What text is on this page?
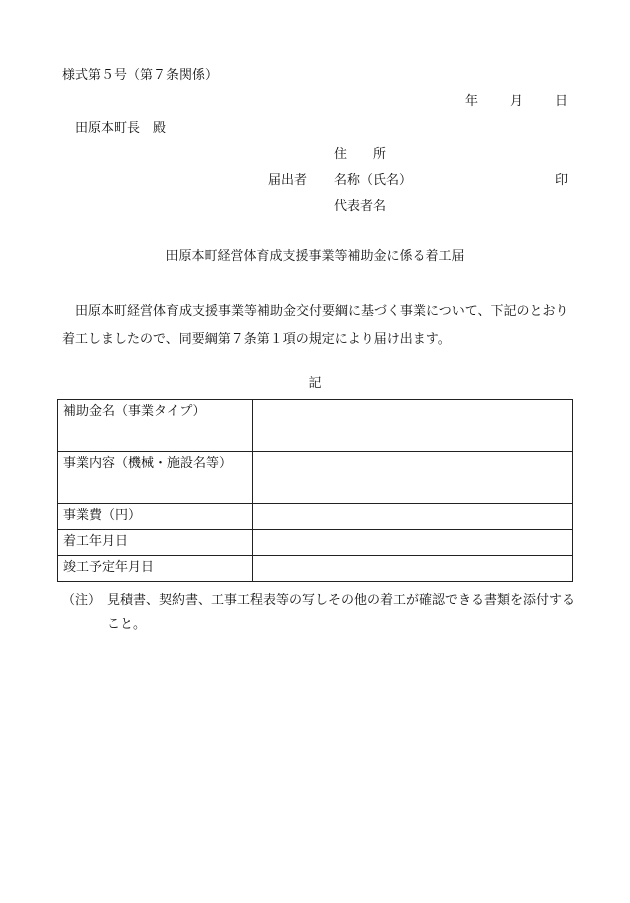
様式第５号（第７条関係）
年 月 日
田原本町長　殿
住　　所
届出者 名称（氏名）	印
代表者名
田原本町経営体育成支援事業等補助金に係る着工届
田原本町経営体育成支援事業等補助金交付要綱に基づく事業について、下記のとおり着工しましたので、同要綱第７条第１項の規定により届け出ます。
記
補助金名（事業タイプ）	
事業内容（機械・施設名等）	
事業費（円）	
着工年月日	
竣工予定年月日	
（注） 見積書、契約書、工事工程表等の写しその他の着工が確認できる書類を添付すること。
